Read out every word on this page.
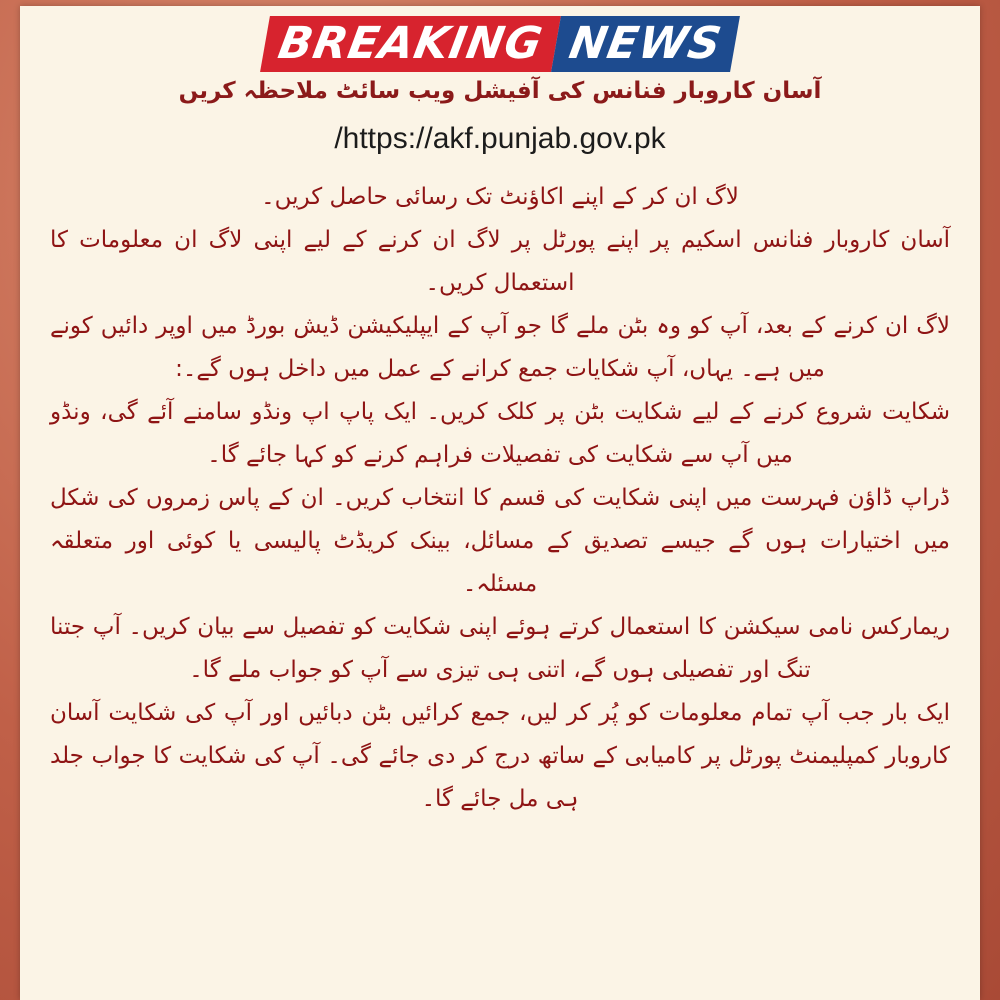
BREAKING NEWS
آسان کاروبار فنانس کی آفیشل ویب سائٹ ملاحظہ کریں
/https://akf.punjab.gov.pk

لاگ ان کر کے اپنے اکاؤنٹ تک رسائی حاصل کریں۔

آسان کاروبار فنانس اسکیم پر اپنے پورٹل پر لاگ ان کرنے کے لیے اپنی لاگ ان معلومات کا استعمال کریں۔

لاگ ان کرنے کے بعد، آپ کو وہ بٹن ملے گا جو آپ کے ایپلیکیشن ڈیش بورڈ میں اوپر دائیں کونے میں ہے۔ یہاں، آپ شکایات جمع کرانے کے عمل میں داخل ہوں گے۔:

شکایت شروع کرنے کے لیے شکایت بٹن پر کلک کریں۔ ایک پاپ اپ ونڈو سامنے آئے گی، ونڈو میں آپ سے شکایت کی تفصیلات فراہم کرنے کو کہا جائے گا۔

ڈراپ ڈاؤن فہرست میں اپنی شکایت کی قسم کا انتخاب کریں۔ ان کے پاس زمروں کی شکل میں اختیارات ہوں گے جیسے تصدیق کے مسائل، بینک کریڈٹ پالیسی یا کوئی اور متعلقہ مسئلہ۔

ریمارکس نامی سیکشن کا استعمال کرتے ہوئے اپنی شکایت کو تفصیل سے بیان کریں۔ آپ جتنا تنگ اور تفصیلی ہوں گے، اتنی ہی تیزی سے آپ کو جواب ملے گا۔

ایک بار جب آپ تمام معلومات کو پُر کر لیں، جمع کرائیں بٹن دبائیں اور آپ کی شکایت آسان کاروبار کمپلیمنٹ پورٹل پر کامیابی کے ساتھ درج کر دی جائے گی۔ آپ کی شکایت کا جواب جلد ہی مل جائے گا۔
